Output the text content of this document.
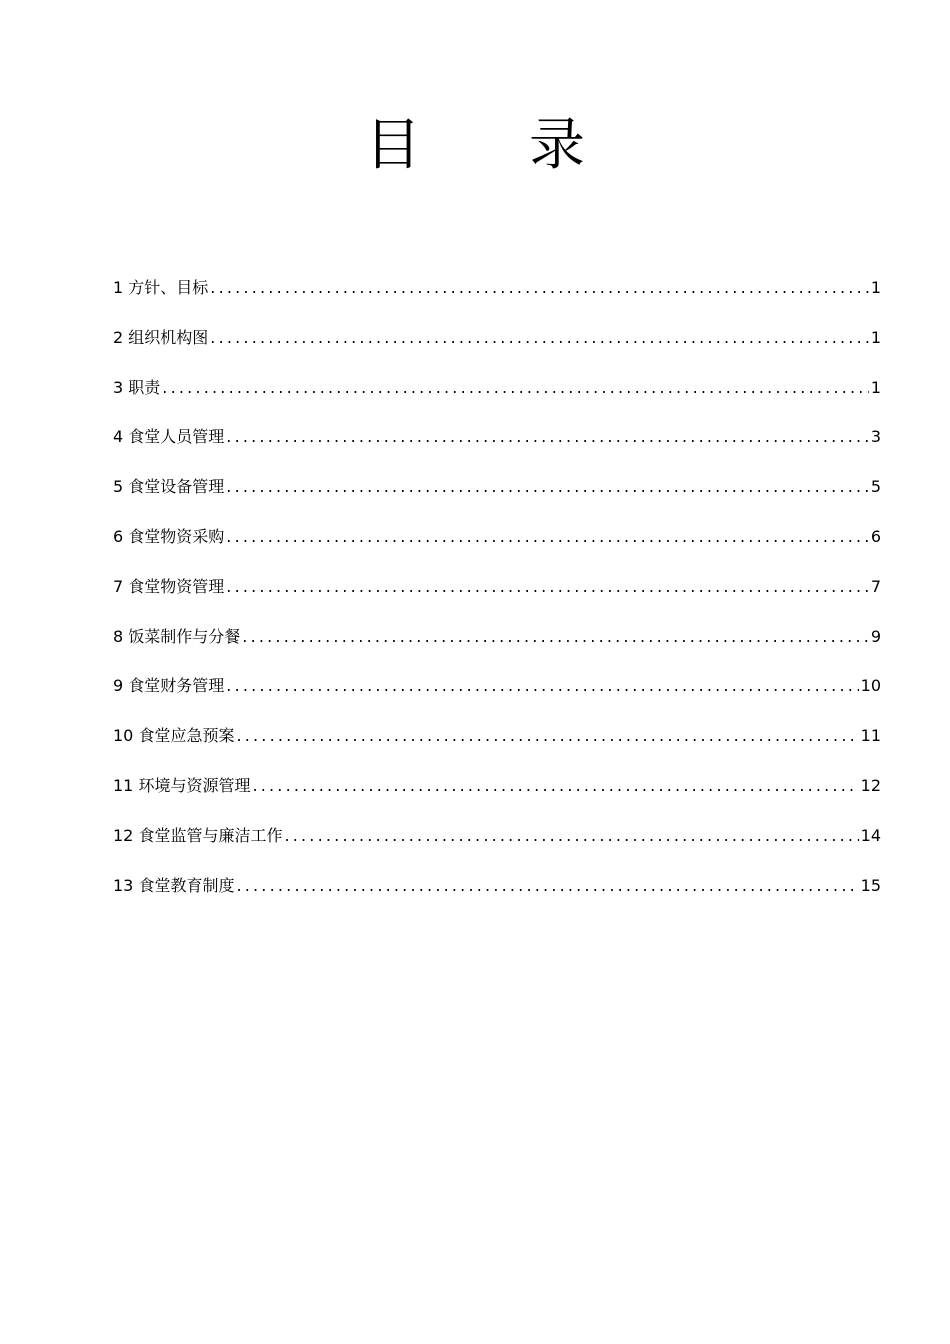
目 录
1 方针、目标 .....	1
2 组织机构图 .....	1
3 职责 .....	1
4 食堂人员管理 .....	3
5 食堂设备管理 .....	5
6 食堂物资采购 .....	6
7 食堂物资管理 .....	7
8 饭菜制作与分餐 .....	9
9 食堂财务管理 .....	10
10 食堂应急预案 .....	11
11 环境与资源管理 .....	12
12 食堂监管与廉洁工作 .....	14
13 食堂教育制度 .....	15
